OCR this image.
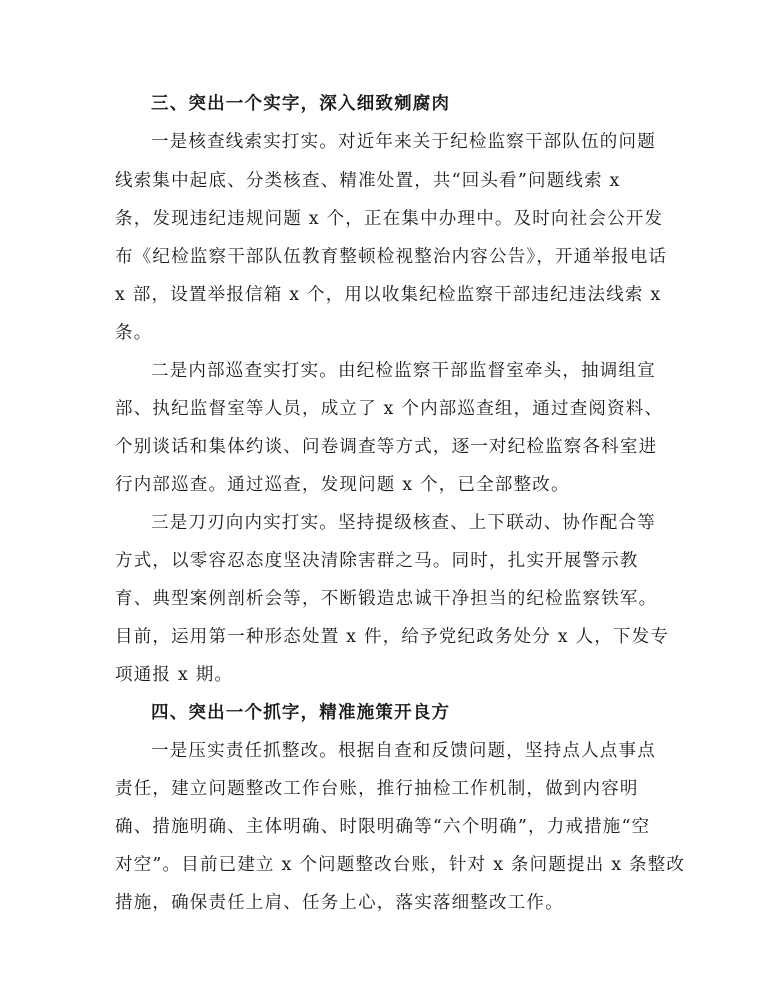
三、突出一个实字，深入细致剜腐肉
一是核查线索实打实。对近年来关于纪检监察干部队伍的问题
线索集中起底、分类核查、精准处置，共“回头看”问题线索 x
条，发现违纪违规问题 x 个，正在集中办理中。及时向社会公开发
布《纪检监察干部队伍教育整顿检视整治内容公告》，开通举报电话
x 部，设置举报信箱 x 个，用以收集纪检监察干部违纪违法线索 x
条。
二是内部巡查实打实。由纪检监察干部监督室牵头，抽调组宣
部、执纪监督室等人员，成立了 x 个内部巡查组，通过查阅资料、
个别谈话和集体约谈、问卷调查等方式，逐一对纪检监察各科室进
行内部巡查。通过巡查，发现问题 x 个，已全部整改。
三是刀刃向内实打实。坚持提级核查、上下联动、协作配合等
方式，以零容忍态度坚决清除害群之马。同时，扎实开展警示教
育、典型案例剖析会等，不断锻造忠诚干净担当的纪检监察铁军。
目前，运用第一种形态处置 x 件，给予党纪政务处分 x 人，下发专
项通报 x 期。
四、突出一个抓字，精准施策开良方
一是压实责任抓整改。根据自查和反馈问题，坚持点人点事点
责任，建立问题整改工作台账，推行抽检工作机制，做到内容明
确、措施明确、主体明确、时限明确等“六个明确”，力戒措施“空
对空”。目前已建立 x 个问题整改台账，针对 x 条问题提出 x 条整改
措施，确保责任上肩、任务上心，落实落细整改工作。
